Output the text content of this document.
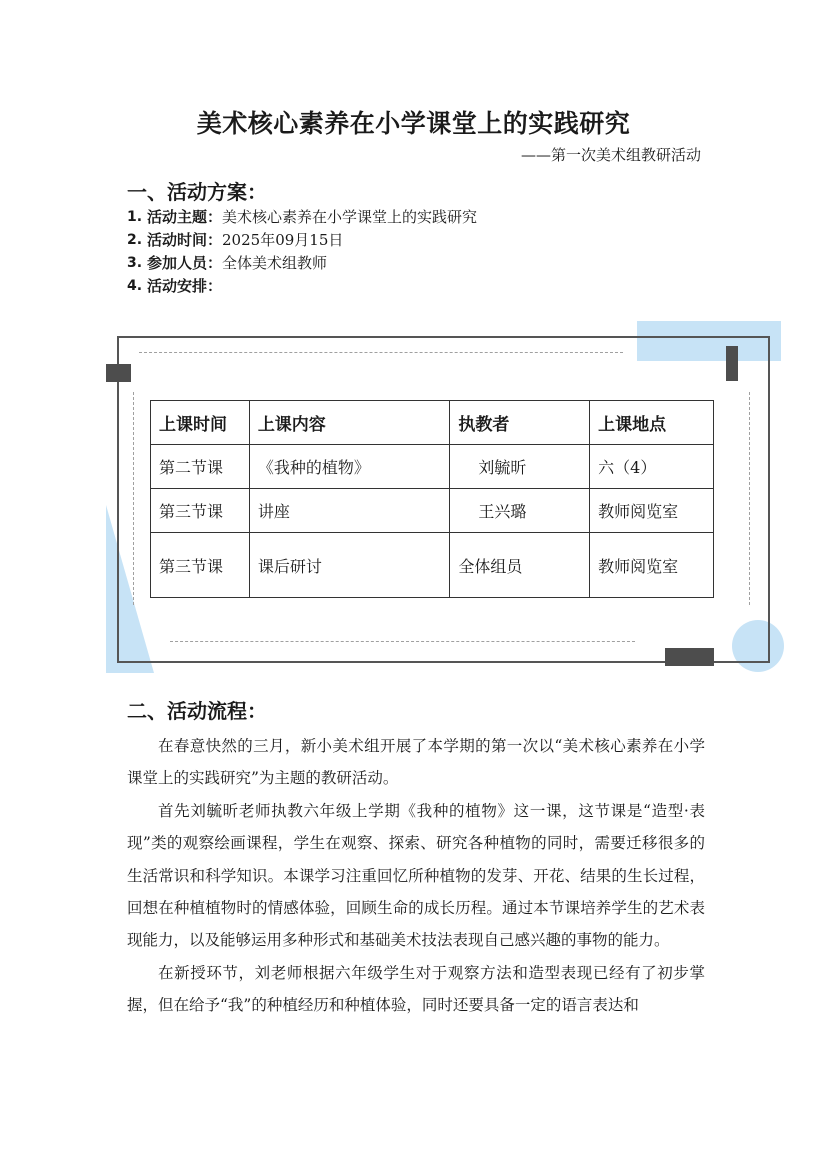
美术核心素养在小学课堂上的实践研究
——第一次美术组教研活动
一、活动方案：
1. 活动主题： 美术核心素养在小学课堂上的实践研究
2. 活动时间： 2025年09月15日
3. 参加人员： 全体美术组教师
4. 活动安排：
上课时间	上课内容	执教者	上课地点
第二节课	《我种的植物》	刘毓昕	六（4）
第三节课	讲座	王兴璐	教师阅览室
第三节课	课后研讨	全体组员	教师阅览室
二、活动流程：

在春意快然的三月，新小美术组开展了本学期的第一次以“美术核心素养在小学课堂上的实践研究”为主题的教研活动。

首先刘毓昕老师执教六年级上学期《我种的植物》这一课，这节课是“造型·表现”类的观察绘画课程，学生在观察、探索、研究各种植物的同时，需要迁移很多的生活常识和科学知识。本课学习注重回忆所种植物的发芽、开花、结果的生长过程，回想在种植植物时的情感体验，回顾生命的成长历程。通过本节课培养学生的艺术表现能力，以及能够运用多种形式和基础美术技法表现自己感兴趣的事物的能力。

在新授环节，刘老师根据六年级学生对于观察方法和造型表现已经有了初步掌握，但在给予“我”的种植经历和种植体验，同时还要具备一定的语言表达和
